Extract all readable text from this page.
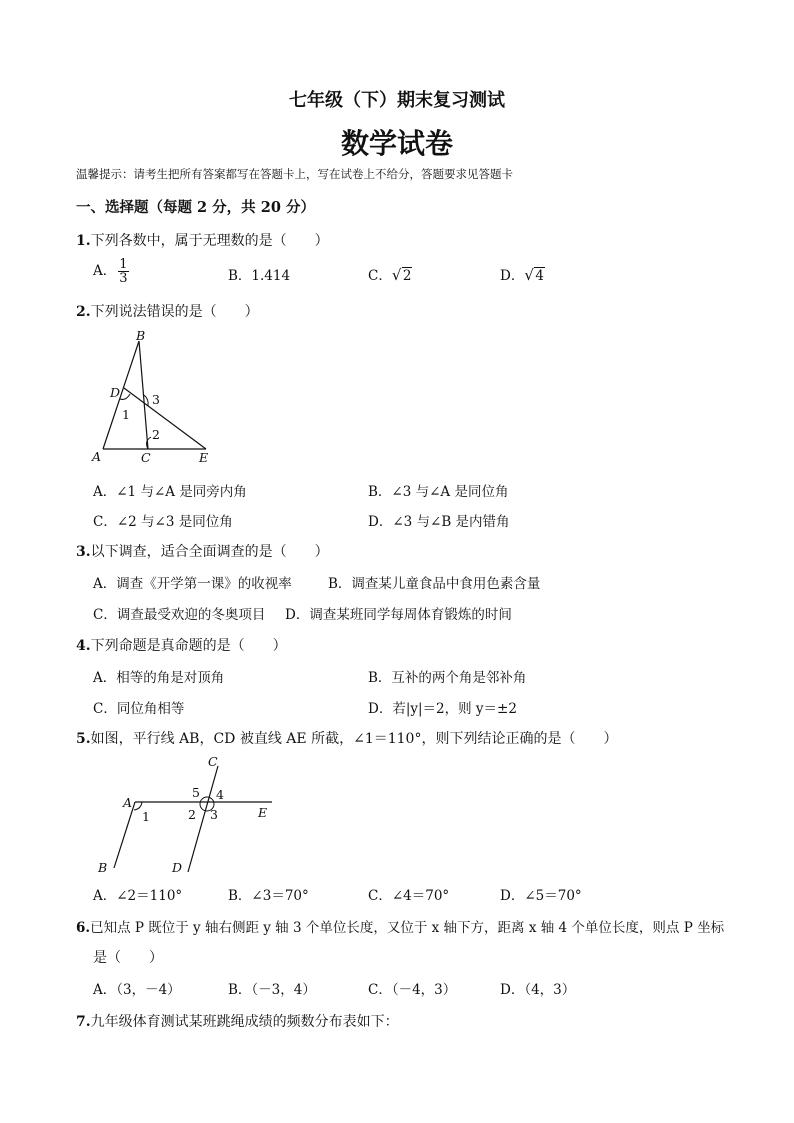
七年级（下）期末复习测试
数学试卷
温馨提示：请考生把所有答案都写在答题卡上，写在试卷上不给分，答题要求见答题卡
一、选择题（每题 2 分，共 20 分）
1.下列各数中，属于无理数的是（　　）
A． $\frac{1}{3}$	B．1.414	C． √ 2	D． √ 4
2.下列说法错误的是（　　）
B
D
A	C	E
1
2
3
A．∠1 与∠A 是同旁内角	B．∠3 与∠A 是同位角
C．∠2 与∠3 是同位角	D．∠3 与∠B 是内错角
3.以下调查，适合全面调查的是（　　）
A．调查《开学第一课》的收视率	B．调查某儿童食品中食用色素含量
C．调查最受欢迎的冬奥项目 D．调查某班同学每周体育锻炼的时间
4.下列命题是真命题的是（　　）
A．相等的角是对顶角	B．互补的两个角是邻补角
C．同位角相等	D．若|y|＝2，则 y＝±2
5.如图，平行线 AB，CD 被直线 AE 所截，∠1＝110°，则下列结论正确的是（　　）
C
A
B	D
E
1	2 3
4
5
A．∠2＝110°	B．∠3＝70°	C．∠4＝70°	D．∠5＝70°
6.已知点 P 既位于 y 轴右侧距 y 轴 3 个单位长度，又位于 x 轴下方，距离 x 轴 4 个单位长度，则点 P 坐标
是（　　）
A．（3，－4）	B．（－3，4）	C．（－4，3）	D．（4，3）
7.九年级体育测试某班跳绳成绩的频数分布表如下：
